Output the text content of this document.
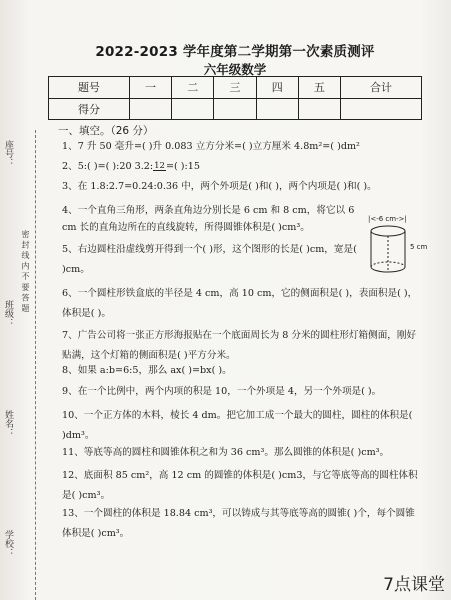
座号：
班级：
姓名：
学校：
密 封 线 内 不 要 答 题
2022-2023 学年度第二学期第一次素质测评
六年级数学
题号	一	二	三	四	五	合计
得分						
一、填空。（26 分）
1、7 升 50 毫升=( )升 0.083 立方分米=( )立方厘米 4.8m²=( )dm²
2、5:( )=( ):20 3.2: 12 =( ):15
3、在 1.8:2.7=0.24:0.36 中，两个外项是( )和( )，两个内项是( )和( )。
4、一个直角三角形，两条直角边分别长是 6 cm 和 8 cm，将它以 6 cm 长的直角边所在的直线旋转，所得圆锥体积是( )cm³。
5、右边圆柱沿虚线剪开得到一个( )形，这个图形的长是( )cm，宽是( )cm。
|<-6 cm->|
5 cm
6、一个圆柱形铁盒底的半径是 4 cm，高 10 cm，它的侧面积是( )，表面积是( )，体积是( )。
7、广告公司将一张正方形海报贴在一个底面周长为 8 分米的圆柱形灯箱侧面，刚好贴满，这个灯箱的侧面积是( )平方分米。
8、如果 a:b=6:5，那么 ax( )=bx( )。
9、在一个比例中，两个内项的积是 10，一个外项是 4，另一个外项是( )。
10、一个正方体的木料，棱长 4 dm。把它加工成一个最大的圆柱，圆柱的体积是( )dm³。
11、等底等高的圆柱和圆锥体积之和为 36 cm³。那么圆锥的体积是( )cm³。
12、底面积 85 cm²，高 12 cm 的圆锥的体积是( )cm3，与它等底等高的圆柱体积是( )cm³。
13、一个圆柱的体积是 18.84 cm³，可以铸成与其等底等高的圆锥( )个，每个圆锥体积是( )cm³。
7点课堂
